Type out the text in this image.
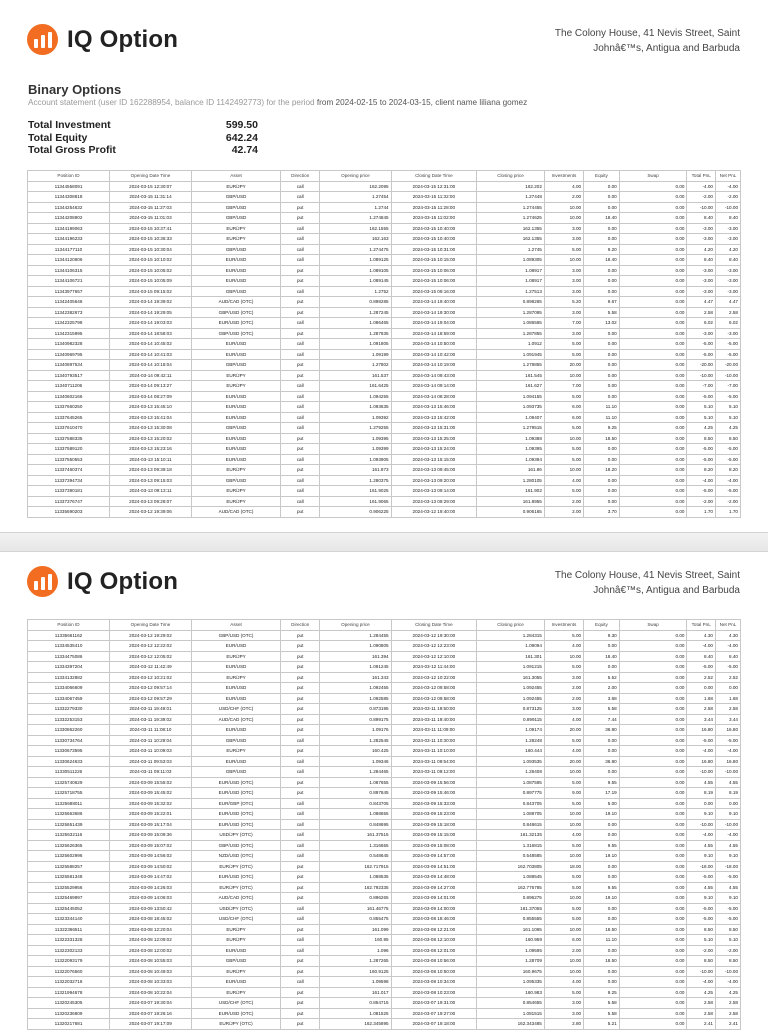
IQ Option	The Colony House, 41 Nevis Street, Saint
Johnâ€™s, Antigua and Barbuda
Binary Options
Account statement (user ID 162288954, balance ID 1142492773) for the period from 2024-02-15 to 2024-03-15, client name liliana gomez
Total Investment	599.50
Total Equity	642.24
Total Gross Profit	42.74
Position ID	Opening Date Time	Asset	Direction	Opening price	Closing Date Time	Closing price	Investments	Equity	Swap	Total PnL	Net PnL
11344558091	2024-03-15 12:30:07	EUR/JPY	call	162.2095	2024-03-15 12:31:00	162.202	4.00	0.00	0.00	-4.00	-4.00
11344308818	2024-03-15 11:31:14	GBP/USD	call	1.27454	2024-03-15 11:32:00	1.27448	2.00	0.00	0.00	-2.00	-2.00
11344254632	2024-03-15 11:27:03	GBP/USD	put	1.2744	2024-03-15 11:28:00	1.274455	10.00	0.00	0.00	-10.00	-10.00
11344208902	2024-03-15 11:01:03	GBP/USD	put	1.274845	2024-03-15 11:02:00	1.274625	10.00	18.40	0.00	8.40	8.40
11344199063	2024-03-15 10:37:41	EUR/JPY	call	162.1555	2024-03-15 10:40:00	162.1355	3.00	0.00	0.00	-3.00	-3.00
11344196233	2024-03-15 10:36:33	EUR/JPY	call	162.163	2024-03-15 10:40:00	162.1355	3.00	0.00	0.00	-3.00	-3.00
11344177110	2024-03-15 10:30:04	GBP/USD	call	1.274475	2024-03-15 10:31:00	1.2745	5.00	9.20	0.00	4.20	4.20
11344120606	2024-03-15 10:10:02	EUR/USD	call	1.089125	2024-03-15 10:15:00	1.089305	10.00	18.40	0.00	8.40	8.40
11344106315	2024-03-15 10:05:02	EUR/USD	put	1.089105	2024-03-15 10:06:00	1.08917	3.00	0.00	0.00	-3.00	-3.00
11344106721	2024-03-15 10:05:09	EUR/USD	put	1.089145	2024-03-15 10:06:00	1.08917	3.00	0.00	0.00	-3.00	-3.00
11343977657	2024-03-15 09:15:02	GBP/USD	call	1.2752	2024-03-15 09:16:00	1.27513	3.00	0.00	0.00	-3.00	-3.00
11342405648	2024-03-14 19:39:02	AUD/CAD (OTC)	put	0.898285	2024-03-14 19:40:00	0.898265	5.20	9.67	0.00	4.47	4.47
11342382673	2024-03-14 19:29:05	GBP/USD (OTC)	put	1.287245	2024-03-14 19:30:00	1.287095	3.00	5.58	0.00	2.58	2.58
11342325798	2024-03-14 19:03:03	EUR/USD (OTC)	call	1.086465	2024-03-14 19:04:00	1.086565	7.00	13.02	0.00	6.02	6.02
11342315995	2024-03-14 18:58:03	GBP/USD (OTC)	put	1.287835	2024-03-14 18:59:00	1.287855	3.00	0.00	0.00	-3.00	-3.00
11340982328	2024-03-14 10:45:02	EUR/USD	call	1.091805	2024-03-14 10:50:00	1.0912	5.00	0.00	0.00	-5.00	-5.00
11340969795	2024-03-14 10:41:03	EUR/USD	call	1.09199	2024-03-14 10:42:00	1.091945	5.00	0.00	0.00	-5.00	-5.00
11340897534	2024-03-14 10:18:04	GBP/USD	put	1.27802	2024-03-14 10:19:00	1.278855	20.00	0.00	0.00	-20.00	-20.00
11340793517	2024-03-14 09:42:11	EUR/JPY	put	161.537	2024-03-14 09:43:00	161.545	10.00	0.00	0.00	-10.00	-10.00
11340711206	2024-03-14 09:13:27	EUR/JPY	call	161.6425	2024-03-14 09:14:00	161.627	7.00	0.00	0.00	-7.00	-7.00
11340602166	2024-03-14 08:27:09	EUR/USD	call	1.094255	2024-03-14 08:28:00	1.094155	5.00	0.00	0.00	-5.00	-5.00
11337660250	2024-03-13 15:45:10	EUR/USD	call	1.093635	2024-03-13 15:46:00	1.093735	6.00	11.10	0.00	5.10	5.10
11337645265	2024-03-13 15:41:04	EUR/USD	call	1.09392	2024-03-13 15:42:00	1.09407	6.00	11.10	0.00	5.10	5.10
11337610470	2024-03-13 15:30:08	GBP/USD	call	1.279255	2024-03-13 15:31:00	1.279515	5.00	9.25	0.00	4.25	4.25
11337588335	2024-03-13 15:20:02	EUR/USD	put	1.09395	2024-03-13 15:25:00	1.09388	10.00	18.50	0.00	8.50	8.50
11337589120	2024-03-13 15:23:16	EUR/USD	put	1.09399	2024-03-13 15:24:00	1.09395	5.00	0.00	0.00	-5.00	-5.00
11337550553	2024-03-13 15:10:11	EUR/USD	call	1.093905	2024-03-13 15:15:00	1.09394	5.00	0.00	0.00	-5.00	-5.00
11337460374	2024-03-13 09:39:18	EUR/JPY	put	161.873	2024-03-13 09:45:00	161.86	10.00	18.20	0.00	8.20	8.20
11337394734	2024-03-13 09:15:03	GBP/USD	call	1.280375	2024-03-13 09:20:00	1.280105	4.00	0.00	0.00	-4.00	-4.00
11337390181	2024-03-13 09:13:11	EUR/JPY	call	161.9025	2024-03-13 09:14:00	161.902	5.00	0.00	0.00	-5.00	-5.00
11337376747	2024-03-13 09:28:07	EUR/JPY	call	161.9065	2024-03-13 09:29:00	161.8955	2.00	0.00	0.00	-2.00	-2.00
11335690203	2024-03-12 19:39:06	AUD/CAD (OTC)	put	0.906225	2024-03-12 19:40:00	0.906165	2.00	3.70	0.00	1.70	1.70
IQ Option	The Colony House, 41 Nevis Street, Saint
Johnâ€™s, Antigua and Barbuda
Position ID	Opening Date Time	Asset	Direction	Opening price	Closing Date Time	Closing price	Investments	Equity	Swap	Total PnL	Net PnL
11335661162	2024-03-12 19:29:02	GBP/USD (OTC)	put	1.284455	2024-03-12 19:30:00	1.284315	5.00	9.30	0.00	4.30	4.30
11334535410	2024-03-12 12:22:02	EUR/USD	put	1.090805	2024-03-12 12:23:00	1.09094	4.00	0.00	0.00	-4.00	-4.00
11334475086	2024-03-12 12:05:02	EUR/JPY	put	161.394	2024-03-12 12:10:00	161.301	10.00	18.40	0.00	8.40	8.40
11334397204	2024-03-12 11:42:49	EUR/USD	put	1.091245	2024-03-12 11:44:00	1.091215	5.00	0.00	0.00	-5.00	-5.00
11334132882	2024-03-12 10:21:02	EUR/JPY	put	161.343	2024-03-12 10:22:00	161.3055	3.00	5.52	0.00	2.52	2.52
11334066609	2024-03-12 09:57:14	EUR/USD	put	1.092455	2024-03-12 09:58:00	1.092455	2.00	2.00	0.00	0.00	0.00
11334067459	2024-03-12 09:57:29	EUR/USD	put	1.092585	2024-03-12 09:58:00	1.092455	2.00	3.68	0.00	1.68	1.68
11332279330	2024-03-11 19:49:01	USD/CHF (OTC)	put	0.873195	2024-03-11 19:50:00	0.873125	3.00	5.58	0.00	2.58	2.58
11332253153	2024-03-11 19:39:02	AUD/CAD (OTC)	put	0.899175	2024-03-11 19:40:00	0.899115	4.00	7.44	0.00	3.44	3.44
11330862260	2024-03-11 11:08:10	EUR/USD	put	1.09176	2024-03-11 11:09:00	1.09174	20.00	36.80	0.00	16.80	16.80
11330734764	2024-03-11 10:29:04	GBP/USD	call	1.282545	2024-03-11 10:30:00	1.28248	5.00	0.00	0.00	-5.00	-5.00
11330673595	2024-03-11 10:09:03	EUR/JPY	put	160.425	2024-03-11 10:10:00	160.444	4.00	0.00	0.00	-4.00	-4.00
11330624633	2024-03-11 09:53:03	EUR/USD	call	1.09346	2024-03-11 09:54:00	1.093535	20.00	36.80	0.00	16.80	16.80
11330511226	2024-03-11 09:11:03	GBP/USD	call	1.284465	2024-03-11 09:12:00	1.28408	10.00	0.00	0.00	-10.00	-10.00
11325740629	2024-03-09 15:55:02	EUR/USD (OTC)	put	1.087655	2024-03-09 15:56:00	1.087595	5.00	9.55	0.00	4.55	4.55
11325718755	2024-03-09 15:45:02	EUR/USD (OTC)	put	0.897845	2024-03-09 15:46:00	0.897775	9.00	17.19	0.00	8.19	8.19
11325688011	2024-03-09 15:32:02	EUR/GBP (OTC)	call	0.843705	2024-03-09 15:33:00	0.843705	5.00	5.00	0.00	0.00	0.00
11325663686	2024-03-09 15:22:01	EUR/USD (OTC)	call	1.088655	2024-03-09 15:23:00	1.088705	10.00	19.10	0.00	9.10	9.10
11325651439	2024-03-09 15:17:04	EUR/USD (OTC)	call	0.848695	2024-03-09 15:18:00	0.848615	10.00	0.00	0.00	-10.00	-10.00
11325632116	2024-03-09 15:09:36	USD/JPY (OTC)	call	161.37515	2024-03-09 15:15:00	161.32135	4.00	0.00	0.00	-4.00	-4.00
11325626365	2024-03-09 15:07:02	GBP/USD (OTC)	call	1.316655	2024-03-09 15:08:00	1.316815	5.00	9.55	0.00	4.55	4.55
11325602996	2024-03-09 14:56:02	NZD/USD (OTC)	call	0.548645	2024-03-09 14:57:00	0.548585	10.00	19.10	0.00	9.10	9.10
11325588257	2024-03-09 14:50:02	EUR/JPY (OTC)	put	162.717915	2024-03-09 14:51:00	162.703805	18.00	0.00	0.00	-18.00	-18.00
11325581348	2024-03-09 14:47:02	EUR/USD (OTC)	put	1.088535	2024-03-09 14:48:00	1.088545	5.00	0.00	0.00	-5.00	-5.00
11325529956	2024-03-09 14:26:03	EUR/JPY (OTC)	put	162.792335	2024-03-09 14:27:00	162.776785	5.00	9.55	0.00	4.55	4.55
11325469997	2024-03-09 14:06:03	AUD/CAD (OTC)	put	0.896265	2024-03-09 14:01:00	0.896275	10.00	19.10	0.00	9.10	9.10
11325445052	2024-03-09 13:50:42	USD/JPY (OTC)	call	161.46775	2024-03-09 14:00:00	161.37055	5.00	0.00	0.00	-5.00	-5.00
11323344140	2024-03-08 18:45:02	USD/CHF (OTC)	call	0.855475	2024-03-08 18:46:00	0.855555	5.00	0.00	0.00	-5.00	-5.00
11322366511	2024-03-08 12:20:04	EUR/JPY	put	161.099	2024-03-08 12:21:00	161.1065	10.00	18.50	0.00	8.50	8.50
11322331328	2024-03-08 12:09:02	EUR/JPY	call	160.95	2024-03-08 12:10:00	160.959	6.00	11.10	0.00	5.10	5.10
11322302133	2024-03-08 12:00:02	EUR/USD	call	1.096	2024-03-08 12:01:00	1.09595	2.00	0.00	0.00	-2.00	-2.00
11322093179	2024-03-08 10:55:03	GBP/USD	put	1.287265	2024-03-08 10:56:00	1.28709	10.00	18.50	0.00	8.50	8.50
11322076560	2024-03-08 10:49:03	EUR/JPY	put	160.9125	2024-03-08 10:50:00	160.9675	10.00	0.00	0.00	-10.00	-10.00
11322032718	2024-03-08 10:33:03	EUR/USD	call	1.09598	2024-03-08 10:34:00	1.095335	4.00	0.00	0.00	-4.00	-4.00
11321994678	2024-03-08 10:22:04	EUR/JPY	put	161.017	2024-03-08 10:23:00	160.983	5.00	9.25	0.00	4.25	4.25
11320245305	2024-03-07 19:30:04	USD/CHF (OTC)	put	0.854715	2024-03-07 19:31:00	0.854655	3.00	5.58	0.00	2.58	2.58
11320236809	2024-03-07 19:26:16	EUR/USD (OTC)	put	1.081525	2024-03-07 19:27:00	1.081515	3.00	5.58	0.00	2.58	2.58
11320217681	2024-03-07 19:17:09	EUR/JPY (OTC)	put	162.345895	2024-03-07 19:18:00	162.343485	2.80	5.21	0.00	2.41	2.41
